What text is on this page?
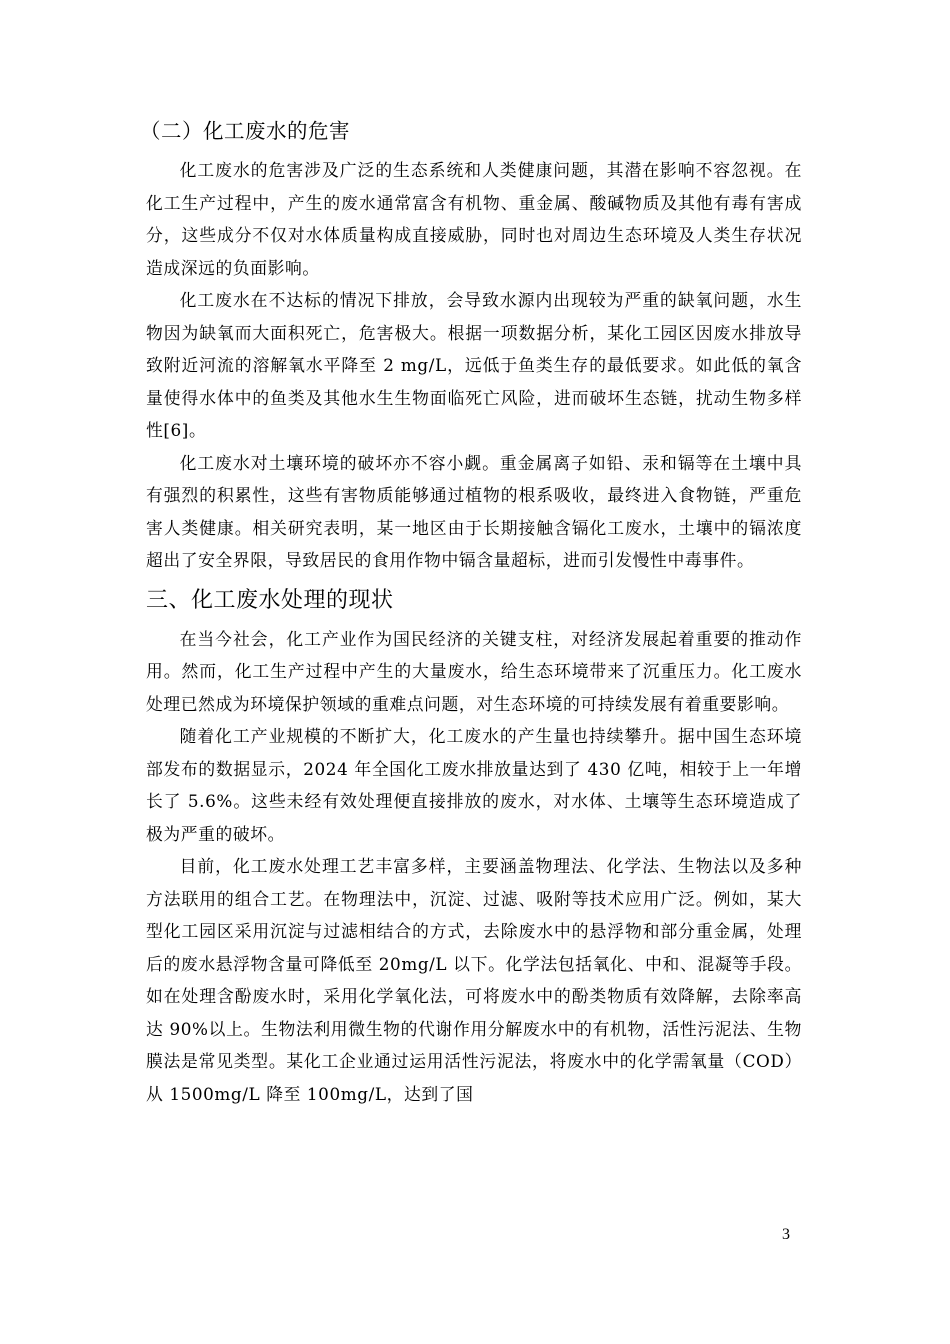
（二）化工废水的危害

化工废水的危害涉及广泛的生态系统和人类健康问题，其潜在影响不容忽视。在化工生产过程中，产生的废水通常富含有机物、重金属、酸碱物质及其他有毒有害成分，这些成分不仅对水体质量构成直接威胁，同时也对周边生态环境及人类生存状况造成深远的负面影响。

化工废水在不达标的情况下排放，会导致水源内出现较为严重的缺氧问题，水生物因为缺氧而大面积死亡，危害极大。根据一项数据分析，某化工园区因废水排放导致附近河流的溶解氧水平降至 2 mg/L，远低于鱼类生存的最低要求。如此低的氧含量使得水体中的鱼类及其他水生生物面临死亡风险，进而破坏生态链，扰动生物多样性[6]。

化工废水对土壤环境的破坏亦不容小觑。重金属离子如铅、汞和镉等在土壤中具有强烈的积累性，这些有害物质能够通过植物的根系吸收，最终进入食物链，严重危害人类健康。相关研究表明，某一地区由于长期接触含镉化工废水，土壤中的镉浓度超出了安全界限，导致居民的食用作物中镉含量超标，进而引发慢性中毒事件。

三、化工废水处理的现状

在当今社会，化工产业作为国民经济的关键支柱，对经济发展起着重要的推动作用。然而，化工生产过程中产生的大量废水，给生态环境带来了沉重压力。化工废水处理已然成为环境保护领域的重难点问题，对生态环境的可持续发展有着重要影响。

随着化工产业规模的不断扩大，化工废水的产生量也持续攀升。据中国生态环境部发布的数据显示，2024 年全国化工废水排放量达到了 430 亿吨，相较于上一年增长了 5.6%。这些未经有效处理便直接排放的废水，对水体、土壤等生态环境造成了极为严重的破坏。

目前，化工废水处理工艺丰富多样，主要涵盖物理法、化学法、生物法以及多种方法联用的组合工艺。在物理法中，沉淀、过滤、吸附等技术应用广泛。例如，某大型化工园区采用沉淀与过滤相结合的方式，去除废水中的悬浮物和部分重金属，处理后的废水悬浮物含量可降低至 20mg/L 以下。化学法包括氧化、中和、混凝等手段。如在处理含酚废水时，采用化学氧化法，可将废水中的酚类物质有效降解，去除率高达 90%以上。生物法利用微生物的代谢作用分解废水中的有机物，活性污泥法、生物膜法是常见类型。某化工企业通过运用活性污泥法，将废水中的化学需氧量（COD）从 1500mg/L 降至 100mg/L，达到了国

3
